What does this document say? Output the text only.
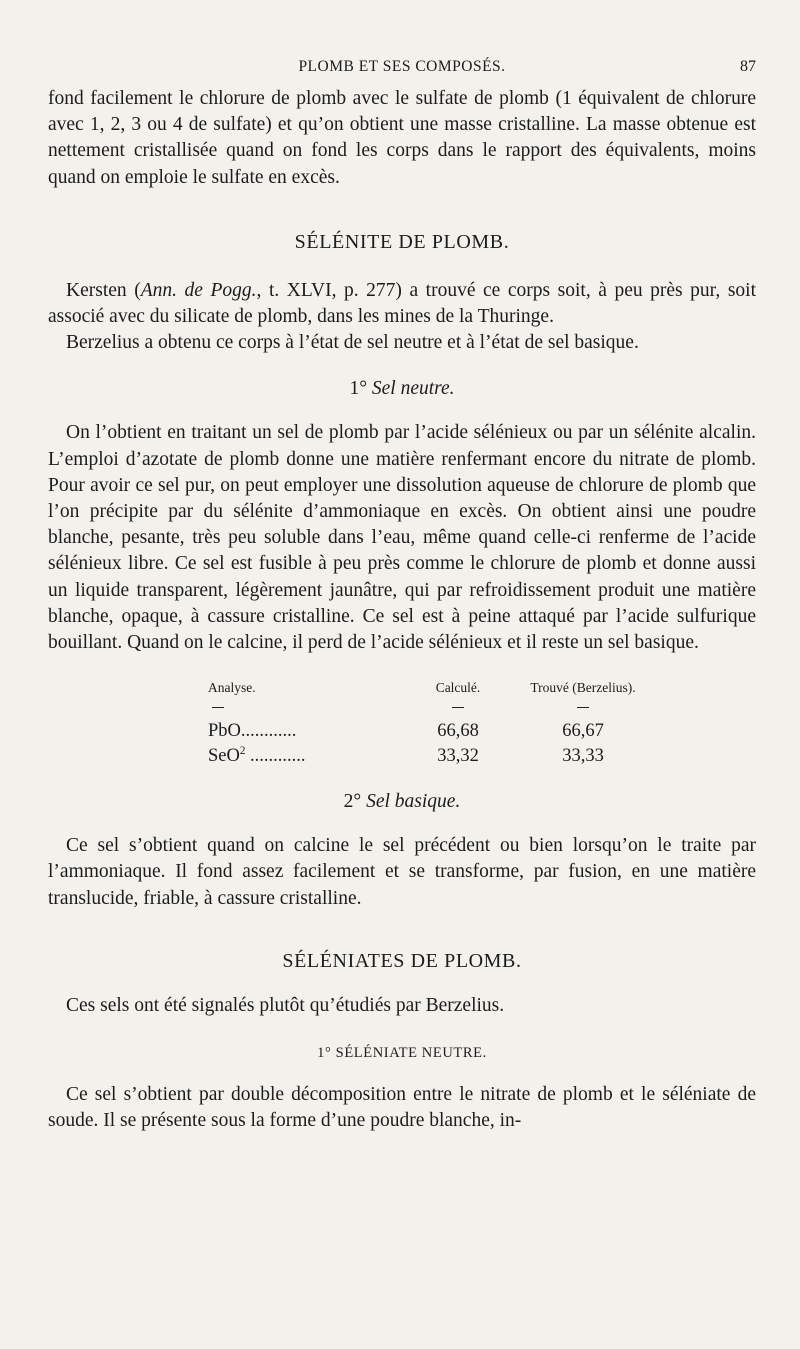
PLOMB ET SES COMPOSÉS.	87

fond facilement le chlorure de plomb avec le sulfate de plomb (1 équivalent de chlorure avec 1, 2, 3 ou 4 de sulfate) et qu’on obtient une masse cristalline. La masse obtenue est nettement cristallisée quand on fond les corps dans le rapport des équivalents, moins quand on emploie le sulfate en excès.

SÉLÉNITE DE PLOMB.

Kersten (Ann. de Pogg., t. XLVI, p. 277) a trouvé ce corps soit, à peu près pur, soit associé avec du silicate de plomb, dans les mines de la Thuringe.

Berzelius a obtenu ce corps à l’état de sel neutre et à l’état de sel basique.

1° Sel neutre.

On l’obtient en traitant un sel de plomb par l’acide sélénieux ou par un sélénite alcalin. L’emploi d’azotate de plomb donne une matière renfermant encore du nitrate de plomb. Pour avoir ce sel pur, on peut employer une dissolution aqueuse de chlorure de plomb que l’on précipite par du sélénite d’ammoniaque en excès. On obtient ainsi une poudre blanche, pesante, très peu soluble dans l’eau, même quand celle-ci renferme de l’acide sélénieux libre. Ce sel est fusible à peu près comme le chlorure de plomb et donne aussi un liquide transparent, légèrement jaunâtre, qui par refroidissement produit une matière blanche, opaque, à cassure cristalline. Ce sel est à peine attaqué par l’acide sulfurique bouillant. Quand on le calcine, il perd de l’acide sélénieux et il reste un sel basique.

Analyse.	Calculé.	Trouvé (Berzelius).

PbO............	66,68	66,67
SeO$^2$ ............	33,32	33,33
2° Sel basique.

Ce sel s’obtient quand on calcine le sel précédent ou bien lorsqu’on le traite par l’ammoniaque. Il fond assez facilement et se transforme, par fusion, en une matière translucide, friable, à cassure cristalline.

SÉLÉNIATES DE PLOMB.

Ces sels ont été signalés plutôt qu’étudiés par Berzelius.

1° SÉLÉNIATE NEUTRE.

Ce sel s’obtient par double décomposition entre le nitrate de plomb et le séléniate de soude. Il se présente sous la forme d’une poudre blanche, in-
